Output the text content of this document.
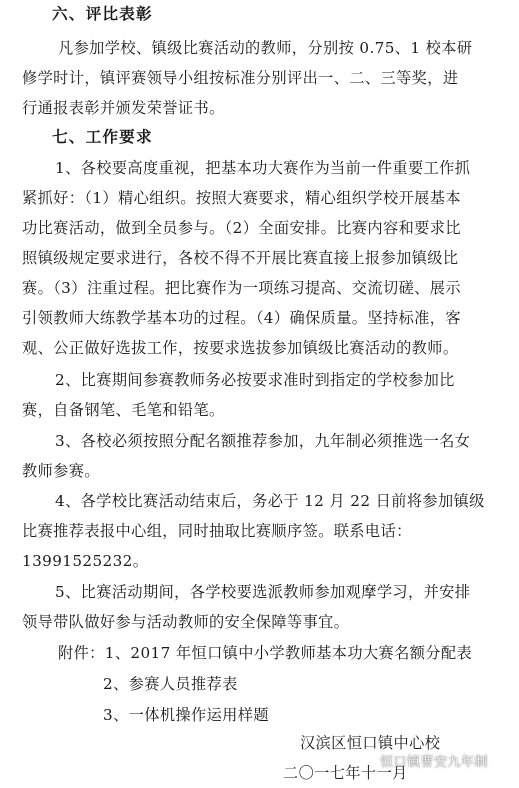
六、评比表彰
凡参加学校、镇级比赛活动的教师，分别按 0.75、1 校本研
修学时计，镇评赛领导小组按标准分别评出一、二、三等奖，进
行通报表彰并颁发荣誉证书。
七、工作要求
1、各校要高度重视，把基本功大赛作为当前一件重要工作抓
紧抓好：（1）精心组织。按照大赛要求，精心组织学校开展基本
功比赛活动，做到全员参与。（2）全面安排。比赛内容和要求比
照镇级规定要求进行，各校不得不开展比赛直接上报参加镇级比
赛。（3）注重过程。把比赛作为一项练习提高、交流切磋、展示
引领教师大练教学基本功的过程。（4）确保质量。坚持标准，客
观、公正做好选拔工作，按要求选拔参加镇级比赛活动的教师。
2、比赛期间参赛教师务必按要求准时到指定的学校参加比
赛，自备钢笔、毛笔和铅笔。
3、各校必须按照分配名额推荐参加，九年制必须推选一名女
教师参赛。
4、各学校比赛活动结束后，务必于 12 月 22 日前将参加镇级
比赛推荐表报中心组，同时抽取比赛顺序签。联系电话：
13991525232。
5、比赛活动期间，各学校要选派教师参加观摩学习，并安排
领导带队做好参与活动教师的安全保障等事宜。
附件：1、2017 年恒口镇中小学教师基本功大赛名额分配表
2、参赛人员推荐表
3、一体机操作运用样题
汉滨区恒口镇中心校
二〇一七年十一月
恒口镇曹安九年制
